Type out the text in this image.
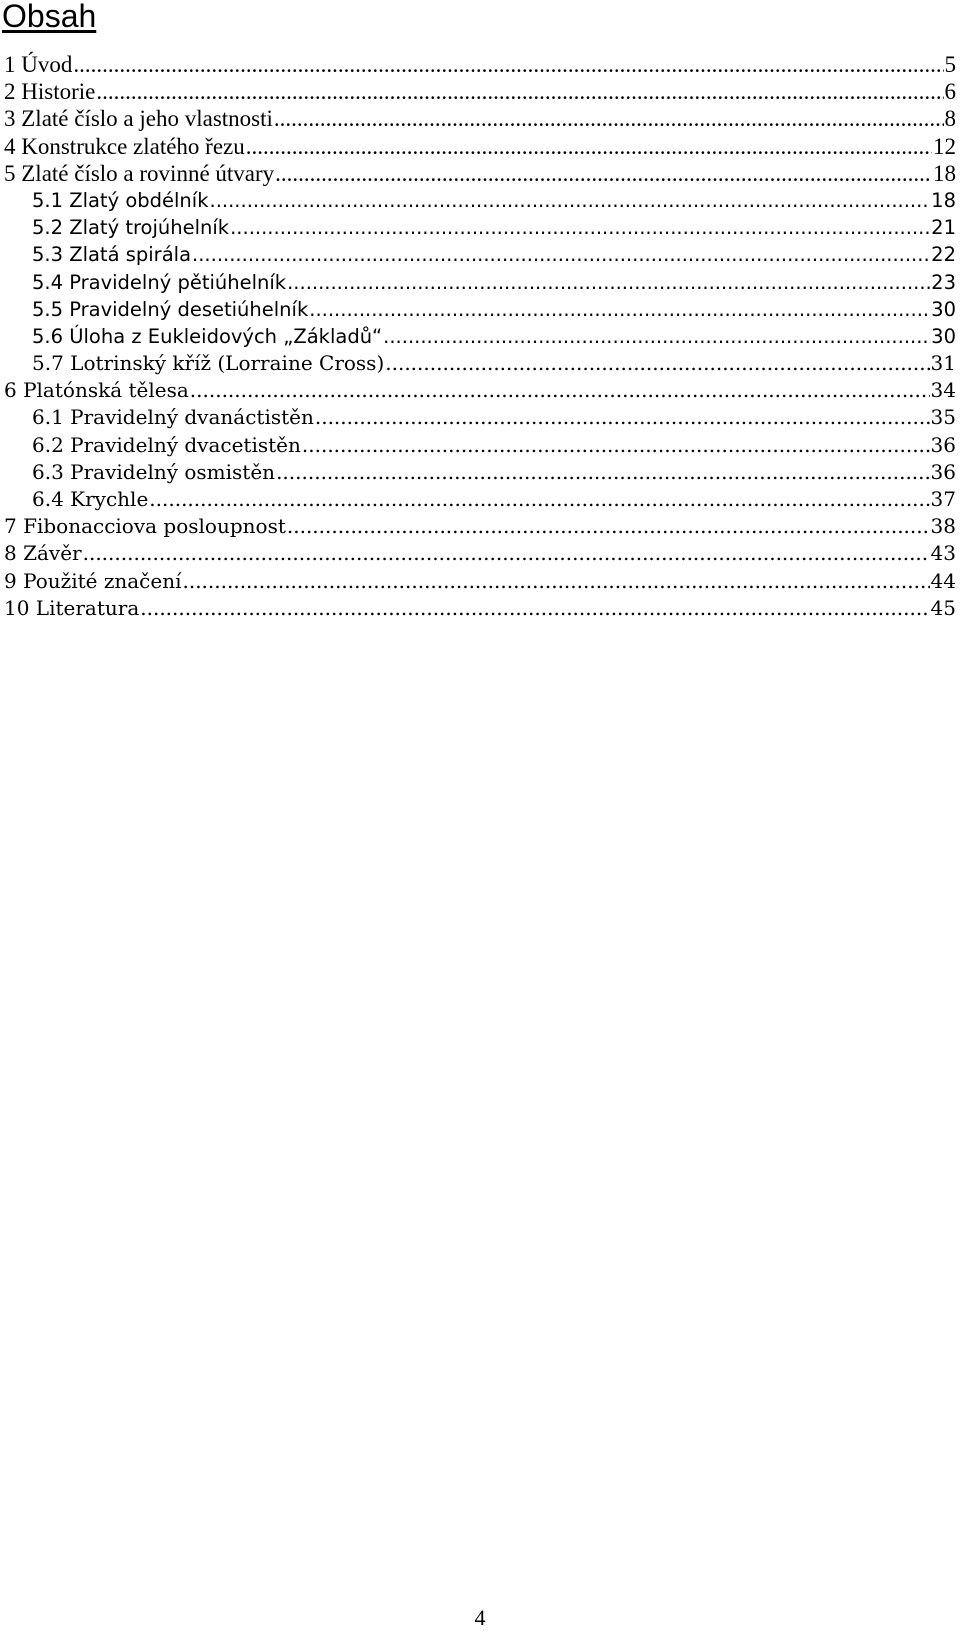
Obsah
1 Úvod .....	5
2 Historie .....	6
3 Zlaté číslo a jeho vlastnosti .....	8
4 Konstrukce zlatého řezu .....	12
5 Zlaté číslo a rovinné útvary .....	18
5.1 Zlatý obdélník .....	18
5.2 Zlatý trojúhelník .....	21
5.3 Zlatá spirála .....	22
5.4 Pravidelný pětiúhelník .....	23
5.5 Pravidelný desetiúhelník .....	30
5.6 Úloha z Eukleidových „Základů“ .....	30
5.7 Lotrinský kříž (Lorraine Cross) .....	31
6 Platónská tělesa .....	34
6.1 Pravidelný dvanáctistěn .....	35
6.2 Pravidelný dvacetistěn .....	36
6.3 Pravidelný osmistěn .....	36
6.4 Krychle .....	37
7 Fibonacciova posloupnost .....	38
8 Závěr .....	43
9 Použité značení .....	44
10 Literatura .....	45
4
